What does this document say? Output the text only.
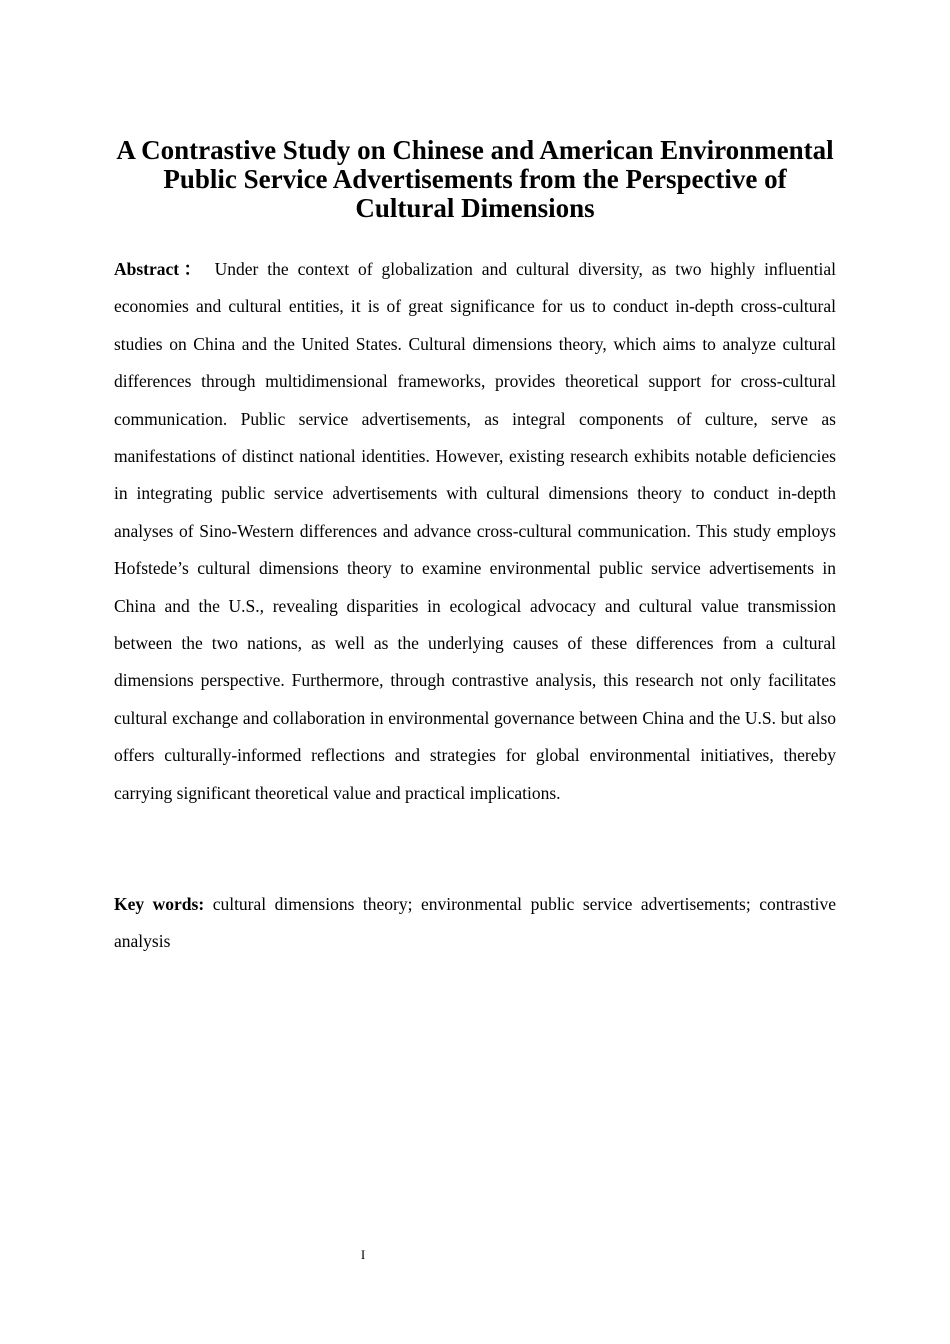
A Contrastive Study on Chinese and American Environmental Public Service Advertisements from the Perspective of Cultural Dimensions

Abstract： Under the context of globalization and cultural diversity, as two highly influential economies and cultural entities, it is of great significance for us to conduct in-depth cross-cultural studies on China and the United States. Cultural dimensions theory, which aims to analyze cultural differences through multidimensional frameworks, provides theoretical support for cross-cultural communication. Public service advertisements, as integral components of culture, serve as manifestations of distinct national identities. However, existing research exhibits notable deficiencies in integrating public service advertisements with cultural dimensions theory to conduct in-depth analyses of Sino-Western differences and advance cross-cultural communication. This study employs Hofstede’s cultural dimensions theory to examine environmental public service advertisements in China and the U.S., revealing disparities in ecological advocacy and cultural value transmission between the two nations, as well as the underlying causes of these differences from a cultural dimensions perspective. Furthermore, through contrastive analysis, this research not only facilitates cultural exchange and collaboration in environmental governance between China and the U.S. but also offers culturally-informed reflections and strategies for global environmental initiatives, thereby carrying significant theoretical value and practical implications.

Key words: cultural dimensions theory; environmental public service advertisements; contrastive analysis

I
